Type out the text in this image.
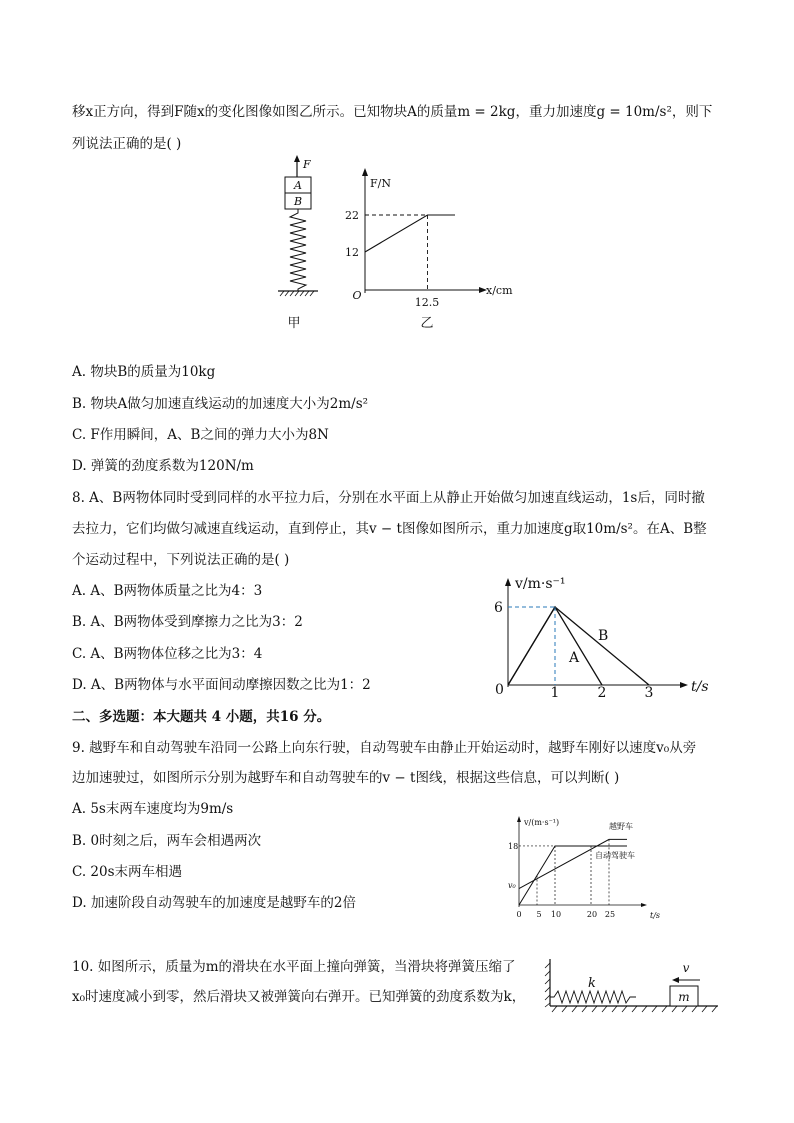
移x正方向，得到F随x的变化图像如图乙所示。已知物块A的质量m = 2kg，重力加速度g = 10m/s²，则下
列说法正确的是( )
F
A
B
甲
F/N
x/cm
O
22
12
12.5
乙
A. 物块B的质量为10kg
B. 物块A做匀加速直线运动的加速度大小为2m/s²
C. F作用瞬间，A、B之间的弹力大小为8N
D. 弹簧的劲度系数为120N/m
8. A、B两物体同时受到同样的水平拉力后，分别在水平面上从静止开始做匀加速直线运动，1s后，同时撤
去拉力，它们均做匀减速直线运动，直到停止，其v − t图像如图所示，重力加速度g取10m/s²。在A、B整
个运动过程中，下列说法正确的是( )
A. A、B两物体质量之比为4：3
B. A、B两物体受到摩擦力之比为3：2
C. A、B两物体位移之比为3：4
D. A、B两物体与水平面间动摩擦因数之比为1：2
v/m·s⁻¹
t/s
0
6
1	2	3
A
B
二、多选题：本大题共 4 小题，共16 分。
9. 越野车和自动驾驶车沿同一公路上向东行驶，自动驾驶车由静止开始运动时，越野车刚好以速度v₀从旁
边加速驶过，如图所示分别为越野车和自动驾驶车的v − t图线，根据这些信息，可以判断( )
A. 5s末两车速度均为9m/s
B. 0时刻之后，两车会相遇两次
C. 20s末两车相遇
D. 加速阶段自动驾驶车的加速度是越野车的2倍
v/(m·s⁻¹)
t/s
18
v₀
0 5 10	20 25
越野车
自动驾驶车
10. 如图所示，质量为m的滑块在水平面上撞向弹簧，当滑块将弹簧压缩了
x₀时速度减小到零，然后滑块又被弹簧向右弹开。已知弹簧的劲度系数为k，
k
m
v
